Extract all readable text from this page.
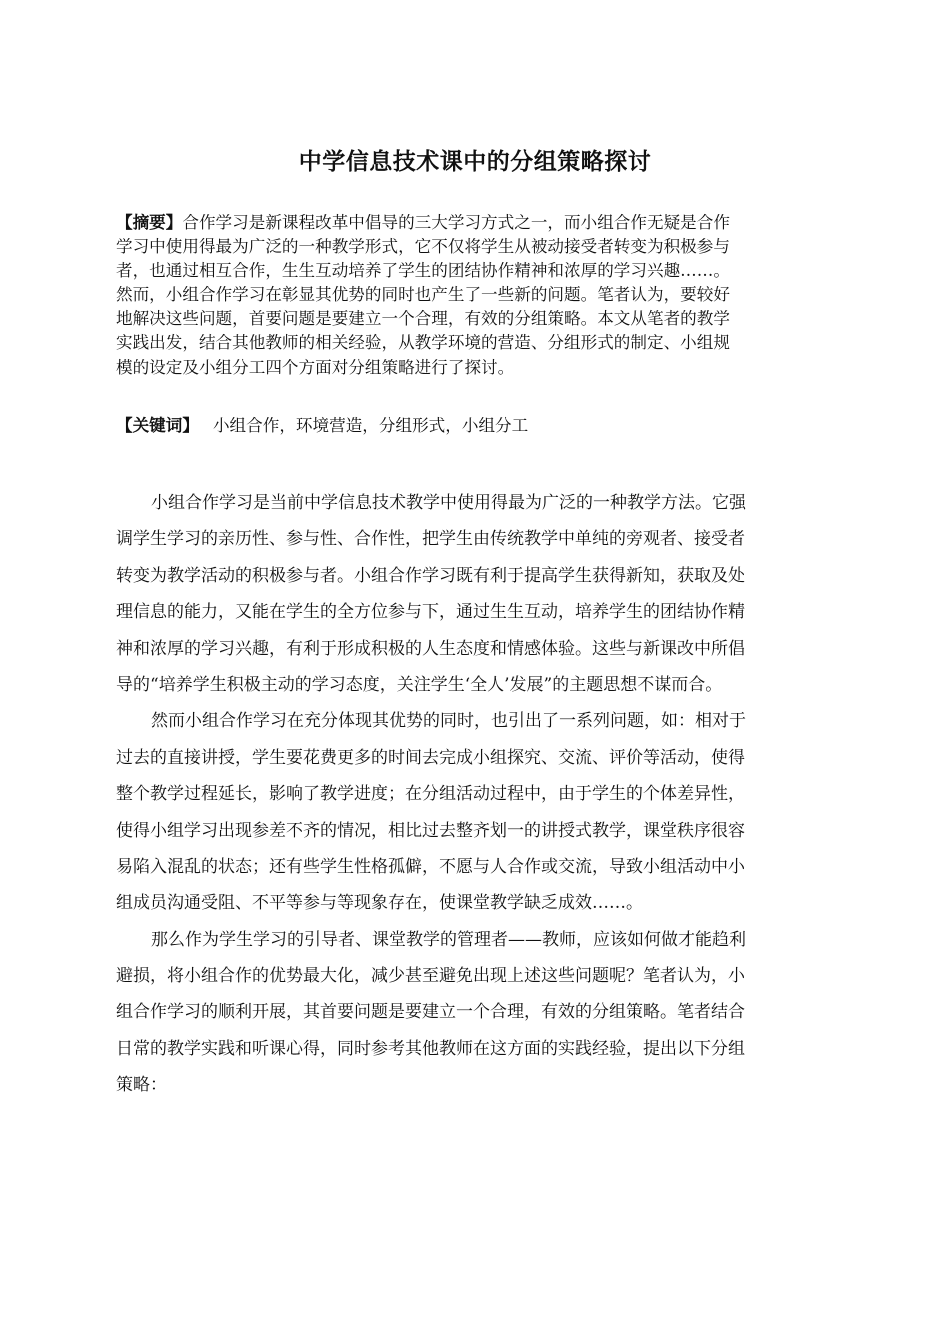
中学信息技术课中的分组策略探讨
【摘要】合作学习是新课程改革中倡导的三大学习方式之一，而小组合作无疑是合作
学习中使用得最为广泛的一种教学形式，它不仅将学生从被动接受者转变为积极参与
者，也通过相互合作，生生互动培养了学生的团结协作精神和浓厚的学习兴趣……。
然而，小组合作学习在彰显其优势的同时也产生了一些新的问题。笔者认为，要较好
地解决这些问题，首要问题是要建立一个合理，有效的分组策略。本文从笔者的教学
实践出发，结合其他教师的相关经验，从教学环境的营造、分组形式的制定、小组规
模的设定及小组分工四个方面对分组策略进行了探讨。
【关键词】 小组合作，环境营造，分组形式，小组分工
小组合作学习是当前中学信息技术教学中使用得最为广泛的一种教学方法。它强
调学生学习的亲历性、参与性、合作性，把学生由传统教学中单纯的旁观者、接受者
转变为教学活动的积极参与者。小组合作学习既有利于提高学生获得新知，获取及处
理信息的能力，又能在学生的全方位参与下，通过生生互动，培养学生的团结协作精
神和浓厚的学习兴趣，有利于形成积极的人生态度和情感体验。这些与新课改中所倡
导的“培养学生积极主动的学习态度，关注学生‘全人’发展”的主题思想不谋而合。
然而小组合作学习在充分体现其优势的同时，也引出了一系列问题，如：相对于
过去的直接讲授，学生要花费更多的时间去完成小组探究、交流、评价等活动，使得
整个教学过程延长，影响了教学进度；在分组活动过程中，由于学生的个体差异性，
使得小组学习出现参差不齐的情况，相比过去整齐划一的讲授式教学，课堂秩序很容
易陷入混乱的状态；还有些学生性格孤僻，不愿与人合作或交流，导致小组活动中小
组成员沟通受阻、不平等参与等现象存在，使课堂教学缺乏成效……。
那么作为学生学习的引导者、课堂教学的管理者——教师，应该如何做才能趋利
避损，将小组合作的优势最大化，减少甚至避免出现上述这些问题呢？笔者认为，小
组合作学习的顺利开展，其首要问题是要建立一个合理，有效的分组策略。笔者结合
日常的教学实践和听课心得，同时参考其他教师在这方面的实践经验，提出以下分组
策略：
